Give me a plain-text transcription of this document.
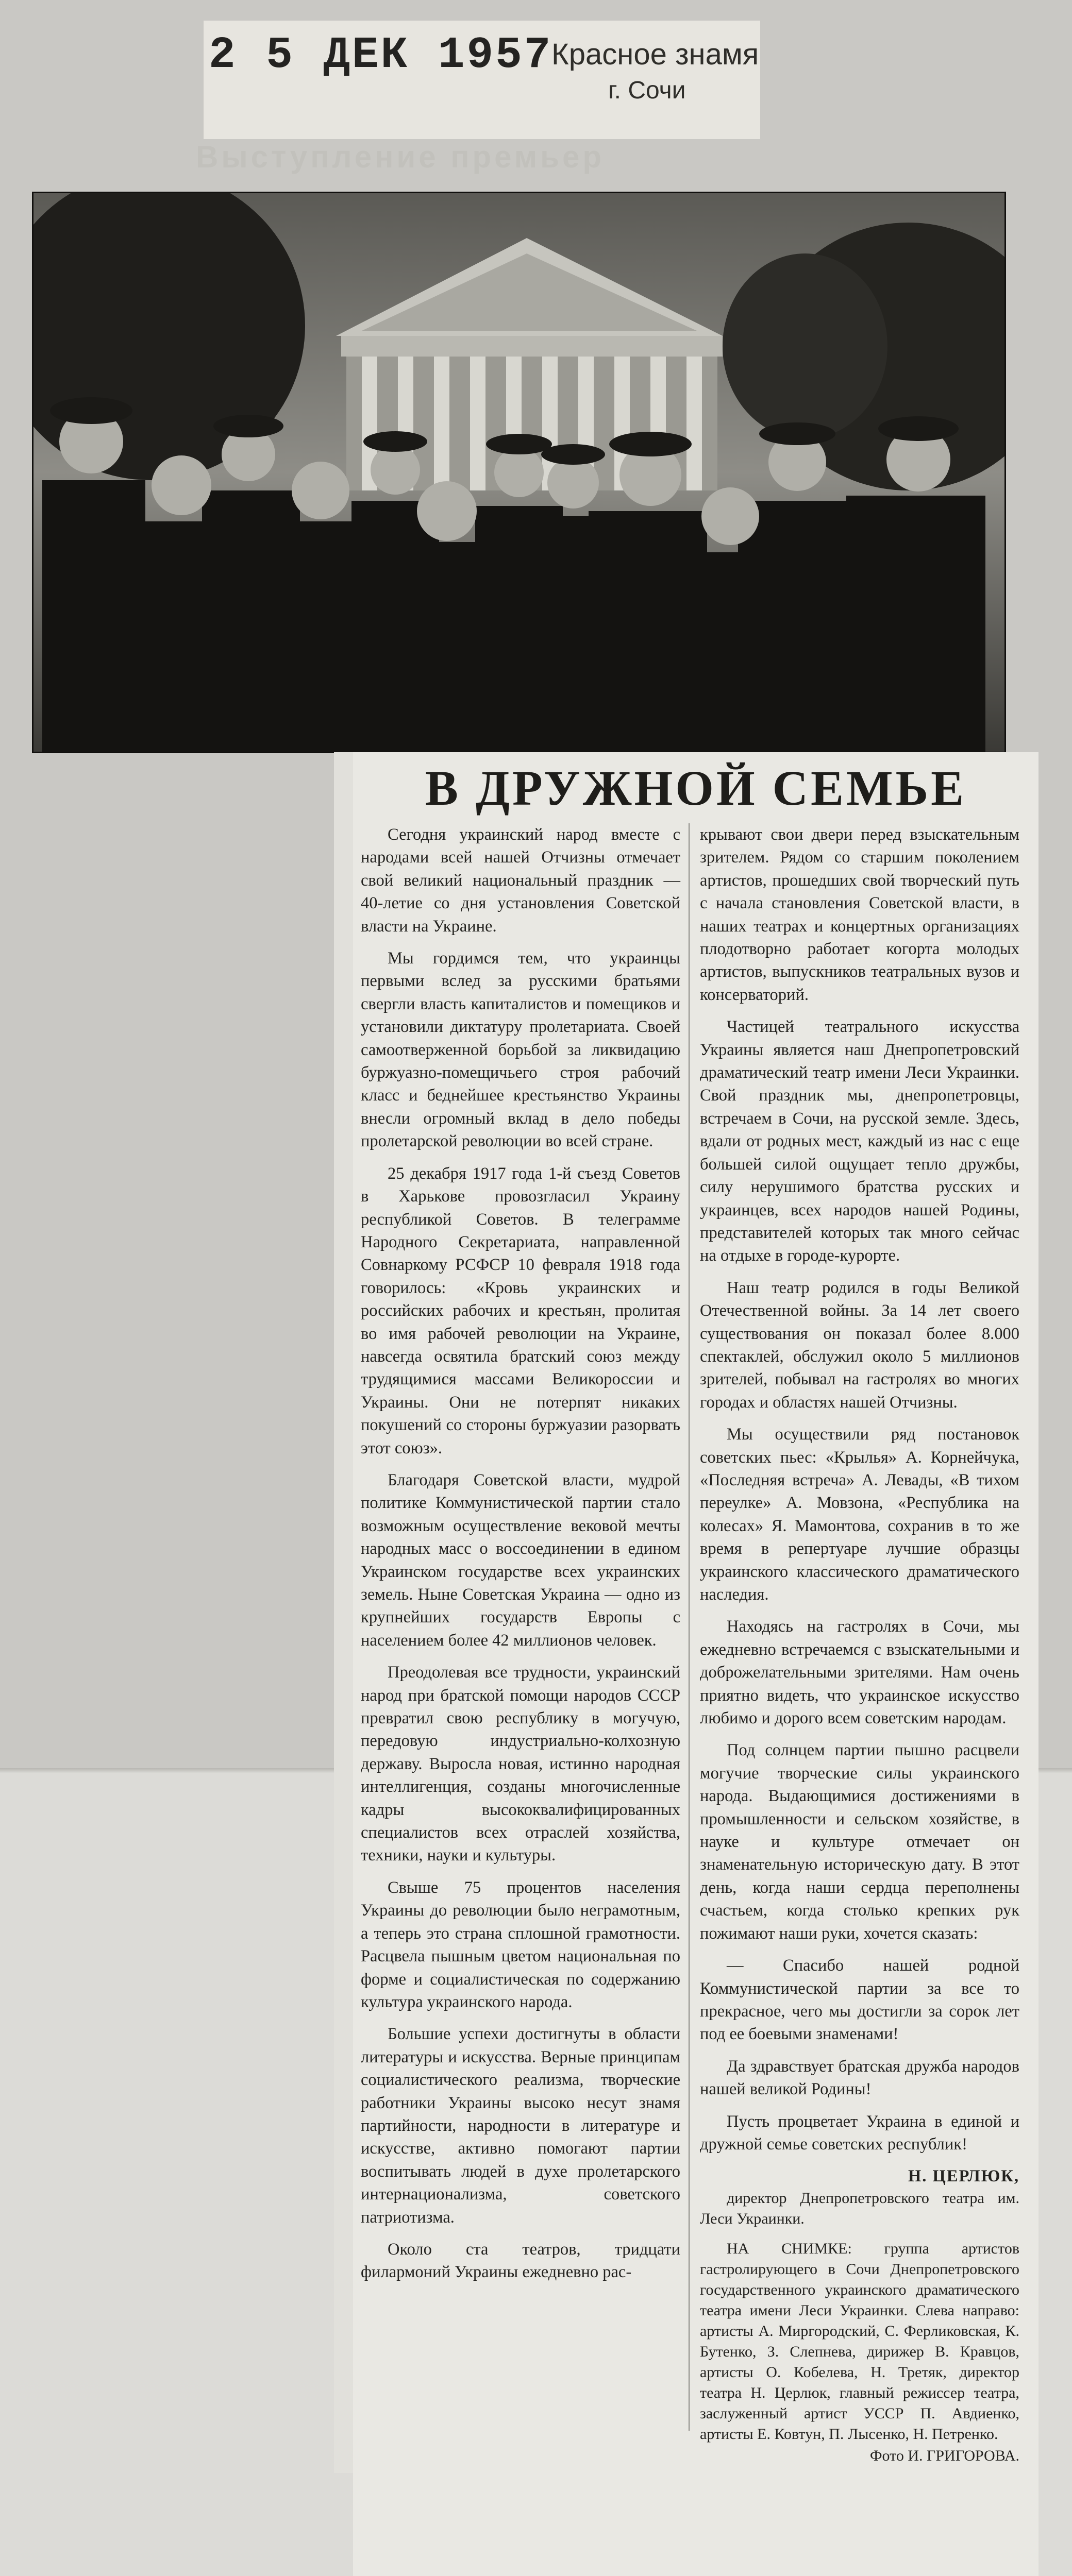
2 5 ДЕК 1957
Красное знамя
г. Сочи
Выступление премьер
В ДРУЖНОЙ СЕМЬЕ

Сегодня украинский народ вместе с народами всей нашей Отчизны отмечает свой великий национальный праздник — 40-летие со дня установления Советской власти на Украине.

Мы гордимся тем, что украинцы первыми вслед за русскими братьями свергли власть капиталистов и помещиков и установили диктатуру пролетариата. Своей самоотверженной борьбой за ликвидацию буржуазно-помещичьего строя рабочий класс и беднейшее крестьянство Украины внесли огромный вклад в дело победы пролетарской революции во всей стране.

25 декабря 1917 года 1-й съезд Советов в Харькове провозгласил Украину республикой Советов. В телеграмме Народного Секретариата, направленной Совнаркому РСФСР 10 февраля 1918 года говорилось: «Кровь украинских и российских рабочих и крестьян, пролитая во имя рабочей революции на Украине, навсегда освятила братский союз между трудящимися массами Великороссии и Украины. Они не потерпят никаких покушений со стороны буржуазии разорвать этот союз».

Благодаря Советской власти, мудрой политике Коммунистической партии стало возможным осуществление вековой мечты народных масс о воссоединении в едином Украинском государстве всех украинских земель. Ныне Советская Украина — одно из крупнейших государств Европы с населением более 42 миллионов человек.

Преодолевая все трудности, украинский народ при братской помощи народов СССР превратил свою республику в могучую, передовую индустриально-колхозную державу. Выросла новая, истинно народная интеллигенция, созданы многочисленные кадры высококвалифицированных специалистов всех отраслей хозяйства, техники, науки и культуры.

Свыше 75 процентов населения Украины до революции было неграмотным, а теперь это страна сплошной грамотности. Расцвела пышным цветом национальная по форме и социалистическая по содержанию культура украинского народа.

Большие успехи достигнуты в области литературы и искусства. Верные принципам социалистического реализма, творческие работники Украины высоко несут знамя партийности, народности в литературе и искусстве, активно помогают партии воспитывать людей в духе пролетарского интернационализма, советского патриотизма.

Около ста театров, тридцати филармоний Украины ежедневно рас-

крывают свои двери перед взыскательным зрителем. Рядом со старшим поколением артистов, прошедших свой творческий путь с начала становления Советской власти, в наших театрах и концертных организациях плодотворно работает когорта молодых артистов, выпускников театральных вузов и консерваторий.

Частицей театрального искусства Украины является наш Днепропетровский драматический театр имени Леси Украинки. Свой праздник мы, днепропетровцы, встречаем в Сочи, на русской земле. Здесь, вдали от родных мест, каждый из нас с еще большей силой ощущает тепло дружбы, силу нерушимого братства русских и украинцев, всех народов нашей Родины, представителей которых так много сейчас на отдыхе в городе-курорте.

Наш театр родился в годы Великой Отечественной войны. За 14 лет своего существования он показал более 8.000 спектаклей, обслужил около 5 миллионов зрителей, побывал на гастролях во многих городах и областях нашей Отчизны.

Мы осуществили ряд постановок советских пьес: «Крылья» А. Корнейчука, «Последняя встреча» А. Левады, «В тихом переулке» А. Мовзона, «Республика на колесах» Я. Мамонтова, сохранив в то же время в репертуаре лучшие образцы украинского классического драматического наследия.

Находясь на гастролях в Сочи, мы ежедневно встречаемся с взыскательными и доброжелательными зрителями. Нам очень приятно видеть, что украинское искусство любимо и дорого всем советским народам.

Под солнцем партии пышно расцвели могучие творческие силы украинского народа. Выдающимися достижениями в промышленности и сельском хозяйстве, в науке и культуре отмечает он знаменательную историческую дату. В этот день, когда наши сердца переполнены счастьем, когда столько крепких рук пожимают наши руки, хочется сказать:

— Спасибо нашей родной Коммунистической партии за все то прекрасное, чего мы достигли за сорок лет под ее боевыми знаменами!

Да здравствует братская дружба народов нашей великой Родины!

Пусть процветает Украина в единой и дружной семье советских республик!

Н. ЦЕРЛЮК,

директор Днепропетровского театра им. Леси Украинки.

НА СНИМКЕ: группа артистов гастролирующего в Сочи Днепропетровского государственного украинского драматического театра имени Леси Украинки. Слева направо: артисты А. Миргородский, С. Ферликовская, К. Бутенко, З. Слепнева, дирижер В. Кравцов, артисты О. Кобелева, Н. Третяк, директор театра Н. Церлюк, главный режиссер театра, заслуженный артист УССР П. Авдиенко, артисты Е. Ковтун, П. Лысенко, Н. Петренко.

Фото И. ГРИГОРОВА.
